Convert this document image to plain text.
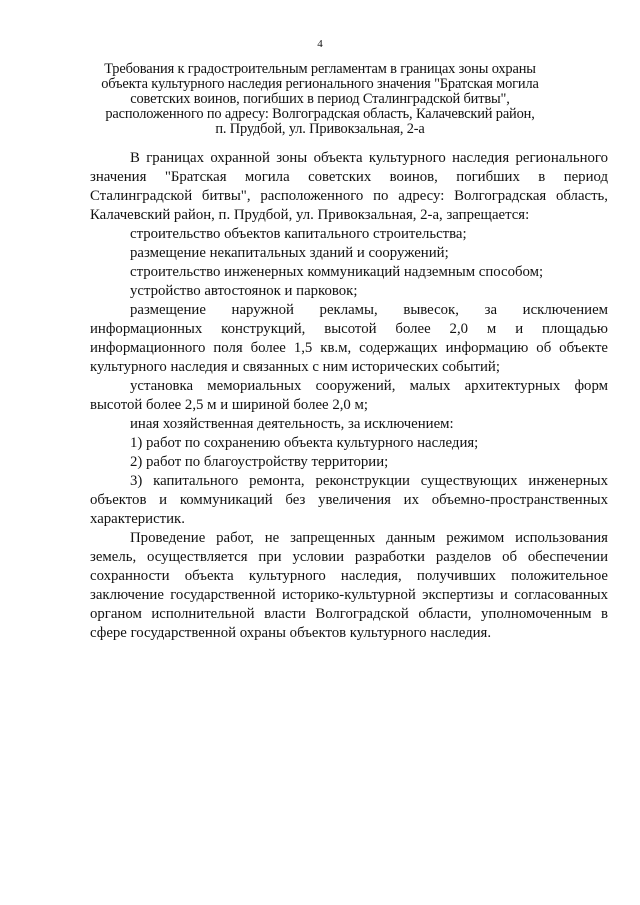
4
Требования к градостроительным регламентам в границах зоны охраны
объекта культурного наследия регионального значения "Братская могила
советских воинов, погибших в период Сталинградской битвы",
расположенного по адресу: Волгоградская область, Калачевский район,
п. Прудбой, ул. Привокзальная, 2-а

В границах охранной зоны объекта культурного наследия регионального значения "Братская могила советских воинов, погибших в период Сталинградской битвы", расположенного по адресу: Волгоградская область, Калачевский район, п. Прудбой, ул. Привокзальная, 2-а, запрещается:

строительство объектов капитального строительства;

размещение некапитальных зданий и сооружений;

строительство инженерных коммуникаций надземным способом;

устройство автостоянок и парковок;

размещение наружной рекламы, вывесок, за исключением информационных конструкций, высотой более 2,0 м и площадью информационного поля более 1,5 кв.м, содержащих информацию об объекте культурного наследия и связанных с ним исторических событий;

установка мемориальных сооружений, малых архитектурных форм высотой более 2,5 м и шириной более 2,0 м;

иная хозяйственная деятельность, за исключением:

1) работ по сохранению объекта культурного наследия;

2) работ по благоустройству территории;

3) капитального ремонта, реконструкции существующих инженерных объектов и коммуникаций без увеличения их объемно-пространственных характеристик.

Проведение работ, не запрещенных данным режимом использования земель, осуществляется при условии разработки разделов об обеспечении сохранности объекта культурного наследия, получивших положительное заключение государственной историко-культурной экспертизы и согласованных органом исполнительной власти Волгоградской области, уполномоченным в сфере государственной охраны объектов культурного наследия.
